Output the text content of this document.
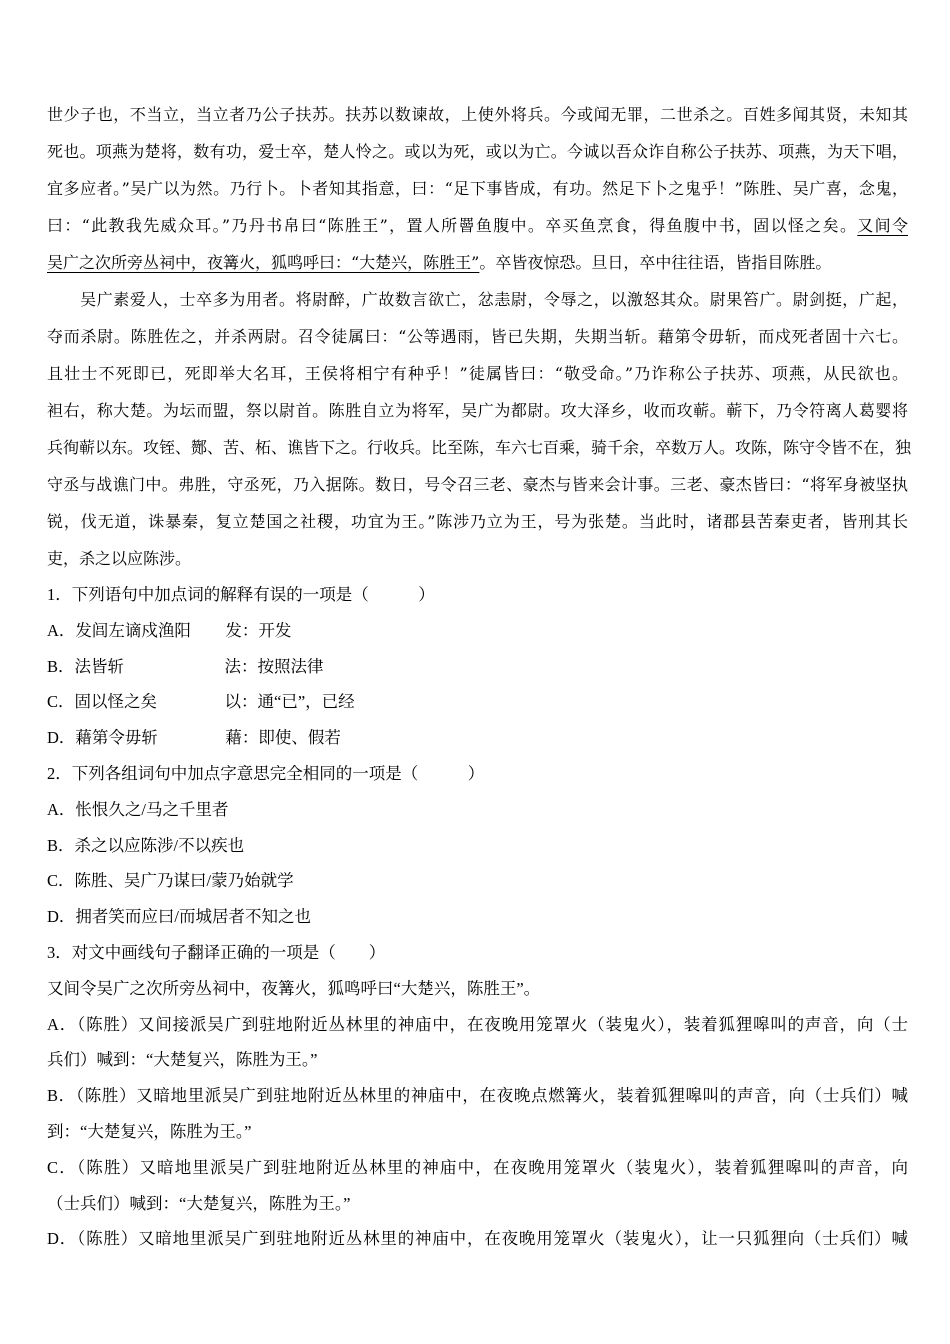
世少子也，不当立，当立者乃公子扶苏。扶苏以数谏故，上使外将兵。今或闻无罪，二世杀之。百姓多闻其贤，未知其
死也。项燕为楚将，数有功，爱士卒，楚人怜之。或以为死，或以为亡。今诚以吾众诈自称公子扶苏、项燕，为天下唱，
宜多应者。”吴广以为然。乃行卜。卜者知其指意，曰：“足下事皆成，有功。然足下卜之鬼乎！”陈胜、吴广喜，念鬼，
曰：“此教我先威众耳。”乃丹书帛曰“陈胜王”，置人所罾鱼腹中。卒买鱼烹食，得鱼腹中书，固以怪之矣。又间令
吴广之次所旁丛祠中，夜篝火，狐鸣呼曰：“大楚兴，陈胜王”。卒皆夜惊恐。旦日，卒中往往语，皆指目陈胜。
　　吴广素爱人，士卒多为用者。将尉醉，广故数言欲亡，忿恚尉，令辱之，以激怒其众。尉果笞广。尉剑挺，广起，
夺而杀尉。陈胜佐之，并杀两尉。召令徒属曰：“公等遇雨，皆已失期，失期当斩。藉第令毋斩，而戍死者固十六七。
且壮士不死即已，死即举大名耳，王侯将相宁有种乎！”徒属皆曰：“敬受命。”乃诈称公子扶苏、项燕，从民欲也。
袒右，称大楚。为坛而盟，祭以尉首。陈胜自立为将军，吴广为都尉。攻大泽乡，收而攻蕲。蕲下，乃令符离人葛婴将
兵徇蕲以东。攻铚、酂、苦、柘、谯皆下之。行收兵。比至陈，车六七百乘，骑千余，卒数万人。攻陈，陈守令皆不在，独
守丞与战谯门中。弗胜，守丞死，乃入据陈。数日，号令召三老、豪杰与皆来会计事。三老、豪杰皆曰：“将军身被坚执
锐，伐无道，诛暴秦，复立楚国之社稷，功宜为王。”陈涉乃立为王，号为张楚。当此时，诸郡县苦秦吏者，皆刑其长
吏，杀之以应陈涉。
1．下列语句中加点词的解释有误的一项是（　　　）
A．发闾左谪戍渔阳 发：开发
B．法皆斩	法：按照法律
C．固以怪之矣	以：通“已”，已经
D．藉第令毋斩	藉：即使、假若
2．下列各组词句中加点字意思完全相同的一项是（　　　）
A．怅恨久之/马之千里者
B．杀之以应陈涉/不以疾也
C．陈胜、吴广乃谋曰/蒙乃始就学
D．拥者笑而应曰/而城居者不知之也
3．对文中画线句子翻译正确的一项是（　　）
又间令吴广之次所旁丛祠中，夜篝火，狐鸣呼曰“大楚兴，陈胜王”。
A．（陈胜）又间接派吴广到驻地附近丛林里的神庙中，在夜晚用笼罩火（装鬼火），装着狐狸嗥叫的声音，向（士
兵们）喊到：“大楚复兴，陈胜为王。”
B．（陈胜）又暗地里派吴广到驻地附近丛林里的神庙中，在夜晚点燃篝火，装着狐狸嗥叫的声音，向（士兵们）喊
到：“大楚复兴，陈胜为王。”
C．（陈胜）又暗地里派吴广到驻地附近丛林里的神庙中，在夜晚用笼罩火（装鬼火），装着狐狸嗥叫的声音，向
（士兵们）喊到：“大楚复兴，陈胜为王。”
D．（陈胜）又暗地里派吴广到驻地附近丛林里的神庙中，在夜晚用笼罩火（装鬼火），让一只狐狸向（士兵们）喊
